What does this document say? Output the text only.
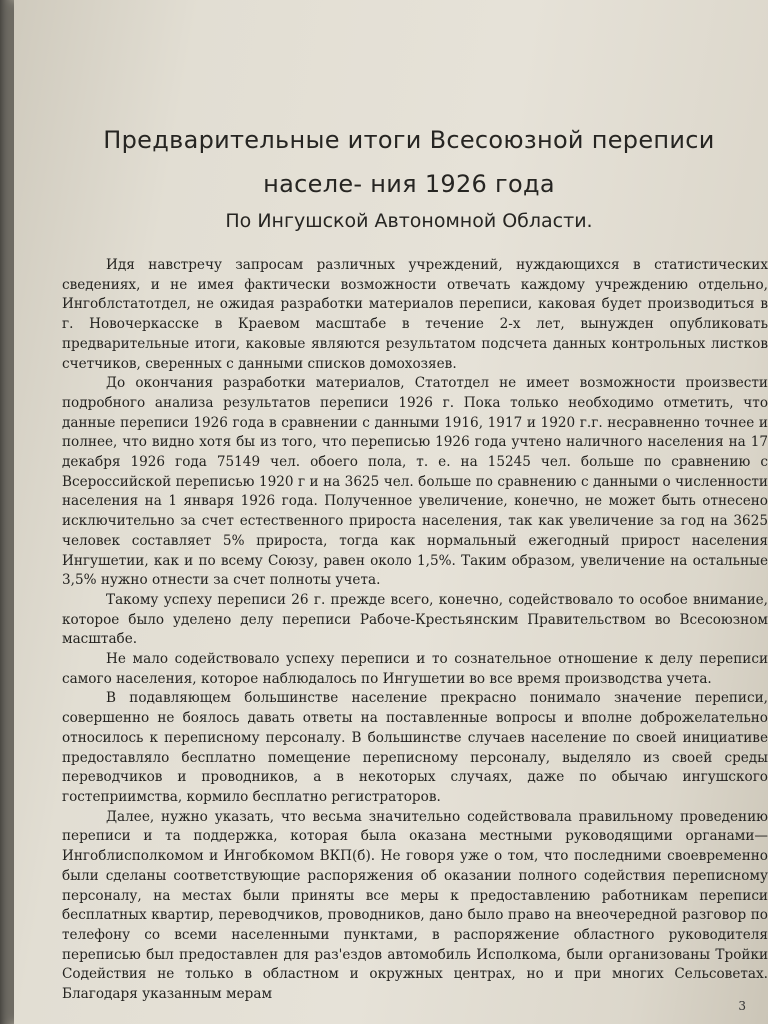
Предварительные итоги Всесоюзной переписи населе- ния 1926 года
По Ингушской Автономной Области.

Идя навстречу запросам различных учреждений, нуждающихся в статистических сведениях, и не имея фактически возможности отвечать каждому учреждению отдельно, Ингоблстатотдел, не ожидая разработки материалов переписи, каковая будет производиться в г. Новочеркасске в Краевом масштабе в течение 2-х лет, вынужден опубликовать предварительные итоги, каковые являются результатом подсчета данных контрольных листков счетчиков, сверенных с данными списков домохозяев.

До окончания разработки материалов, Статотдел не имеет возможности произвести подробного анализа результатов переписи 1926 г. Пока только необходимо отметить, что данные переписи 1926 года в сравнении с данными 1916, 1917 и 1920 г.г. несравненно точнее и полнее, что видно хотя бы из того, что переписью 1926 года учтено наличного населения на 17 декабря 1926 года 75149 чел. обоего пола, т. е. на 15245 чел. больше по сравнению с Всероссийской переписью 1920 г и на 3625 чел. больше по сравнению с данными о численности населения на 1 января 1926 года. Полученное увеличение, конечно, не может быть отнесено исключительно за счет естественного прироста населения, так как увеличение за год на 3625 человек составляет 5% прироста, тогда как нормальный ежегодный прирост населения Ингушетии, как и по всему Союзу, равен около 1,5%. Таким образом, увеличение на остальные 3,5% нужно отнести за счет полноты учета.

Такому успеху переписи 26 г. прежде всего, конечно, содействовало то особое внимание, которое было уделено делу переписи Рабоче-Крестьянским Правительством во Всесоюзном масштабе.

Не мало содействовало успеху переписи и то сознательное отношение к делу переписи самого населения, которое наблюдалось по Ингушетии во все время производства учета.

В подавляющем большинстве население прекрасно понимало значение переписи, совершенно не боялось давать ответы на поставленные вопросы и вполне доброжелательно относилось к переписному персоналу. В большинстве случаев население по своей инициативе предоставляло бесплатно помещение переписному персоналу, выделяло из своей среды переводчиков и проводников, а в некоторых случаях, даже по обычаю ингушского гостеприимства, кормило бесплатно регистраторов.

Далее, нужно указать, что весьма значительно содействовала правильному проведению переписи и та поддержка, которая была оказана местными руководящими органами—Ингоблисполкомом и Ингобкомом ВКП(б). Не говоря уже о том, что последними своевременно были сделаны соответствующие распоряжения об оказании полного содействия переписному персоналу, на местах были приняты все меры к предоставлению работникам переписи бесплатных квартир, переводчиков, проводников, дано было право на внеочередной разговор по телефону со всеми населенными пунктами, в распоряжение областного руководителя переписью был предоставлен для раз'ездов автомобиль Исполкома, были организованы Тройки Содействия не только в областном и окружных центрах, но и при многих Сельсоветах. Благодаря указанным мерам

3
